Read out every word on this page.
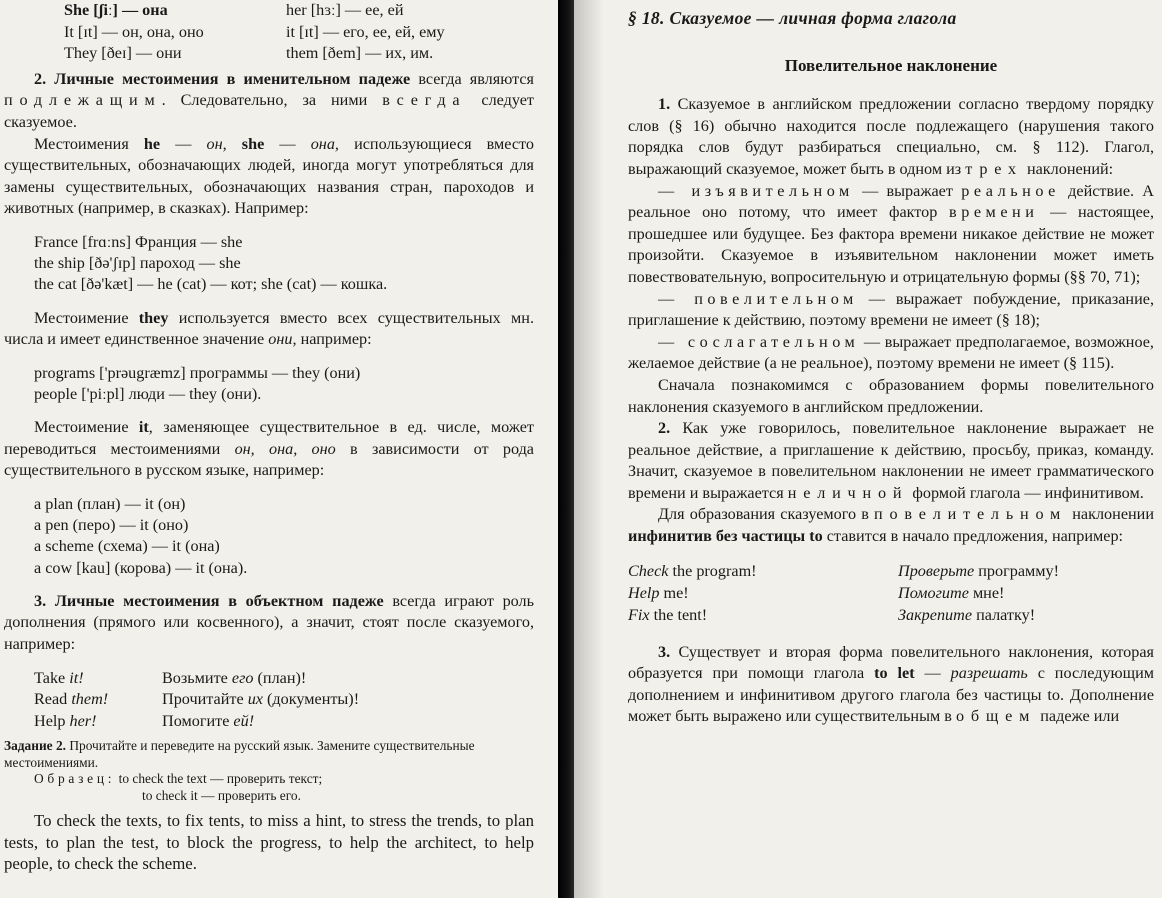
She [ʃiː] — она	her [hɜː] — ее, ей
It [ɪt] — он, она, оно	it [ɪt] — его, ее, ей, ему
They [ðeɪ] — они	them [ðem] — их, им.

2. Личные местоимения в именительном падеже всегда являются подлежащим. Следовательно, за ними всегда следует сказуемое.

Местоимения he — он, she — она, использующиеся вместо существительных, обозначающих людей, иногда могут употребляться для замены существительных, обозначающих названия стран, пароходов и животных (например, в сказках). Например:

France [frɑːns] Франция — she
the ship [ðə'ʃɪp] пароход — she
the cat [ðə'kæt] — he (cat) — кот; she (cat) — кошка.

Местоимение they используется вместо всех существительных мн. числа и имеет единственное значение они, например:

programs ['prəugræmz] программы — they (они)
people ['piːpl] люди — they (они).

Местоимение it, заменяющее существительное в ед. числе, может переводиться местоимениями он, она, оно в зависимости от рода существительного в русском языке, например:

a plan (план) — it (он)
a pen (перо) — it (оно)
a scheme (схема) — it (она)
a cow [kau] (корова) — it (она).

3. Личные местоимения в объектном падеже всегда играют роль дополнения (прямого или косвенного), а значит, стоят после сказуемого, например:

Take it!	Возьмите его (план)!
Read them!	Прочитайте их (документы)!
Help her!	Помогите ей!
Задание 2. Прочитайте и переведите на русский язык. Замените существительные местоимениями.
Образец: to check the text — проверить текст;
to check it — проверить его.

To check the texts, to fix tents, to miss a hint, to stress the trends, to plan tests, to plan the test, to block the progress, to help the architect, to help people, to check the scheme.

§ 18. Сказуемое — личная форма глагола
Повелительное наклонение

1. Сказуемое в английском предложении согласно твердому порядку слов (§ 16) обычно находится после подлежащего (нарушения такого порядка слов будут разбираться специально, см. § 112). Глагол, выражающий сказуемое, может быть в одном из трех наклонений:

— изъявительном — выражает реальное действие. А реальное оно потому, что имеет фактор времени — настоящее, прошедшее или будущее. Без фактора времени никакое действие не может произойти. Сказуемое в изъявительном наклонении может иметь повествовательную, вопросительную и отрицательную формы (§§ 70, 71);

— повелительном — выражает побуждение, приказание, приглашение к действию, поэтому времени не имеет (§ 18);

— сослагательном — выражает предполагаемое, возможное, желаемое действие (а не реальное), поэтому времени не имеет (§ 115).

Сначала познакомимся с образованием формы повелительного наклонения сказуемого в английском предложении.

2. Как уже говорилось, повелительное наклонение выражает не реальное действие, а приглашение к действию, просьбу, приказ, команду. Значит, сказуемое в повелительном наклонении не имеет грамматического времени и выражается неличной формой глагола — инфинитивом.

Для образования сказуемого в повелительном наклонении инфинитив без частицы to ставится в начало предложения, например:

Check the program!	Проверьте программу!
Help me!	Помогите мне!
Fix the tent!	Закрепите палатку!

3. Существует и вторая форма повелительного наклонения, которая образуется при помощи глагола to let — разрешать с последующим дополнением и инфинитивом другого глагола без частицы to. Дополнение может быть выражено или существительным в общем падеже или
